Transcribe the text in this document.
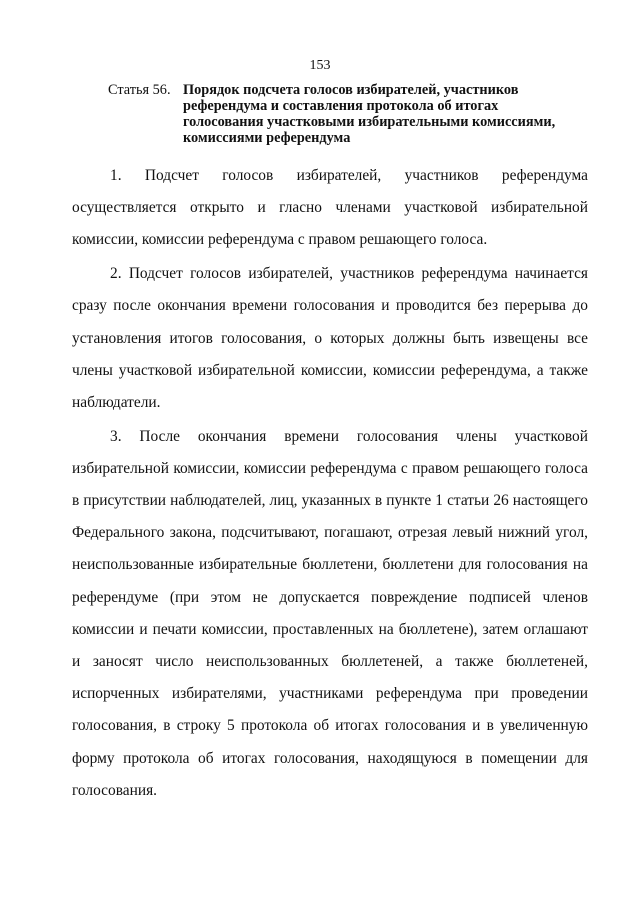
153
Статья 56. Порядок подсчета голосов избирателей, участников референдума и составления протокола об итогах голосования участковыми избирательными комиссиями, комиссиями референдума

1. Подсчет голосов избирателей, участников референдума осуществляется открыто и гласно членами участковой избирательной комиссии, комиссии референдума с правом решающего голоса.

2. Подсчет голосов избирателей, участников референдума начинается сразу после окончания времени голосования и проводится без перерыва до установления итогов голосования, о которых должны быть извещены все члены участковой избирательной комиссии, комиссии референдума, а также наблюдатели.

3. После окончания времени голосования члены участковой избирательной комиссии, комиссии референдума с правом решающего голоса в присутствии наблюдателей, лиц, указанных в пункте 1 статьи 26 настоящего Федерального закона, подсчитывают, погашают, отрезая левый нижний угол, неиспользованные избирательные бюллетени, бюллетени для голосования на референдуме (при этом не допускается повреждение подписей членов комиссии и печати комиссии, проставленных на бюллетене), затем оглашают и заносят число неиспользованных бюллетеней, а также бюллетеней, испорченных избирателями, участниками референдума при проведении голосования, в строку 5 протокола об итогах голосования и в увеличенную форму протокола об итогах голосования, находящуюся в помещении для голосования.
